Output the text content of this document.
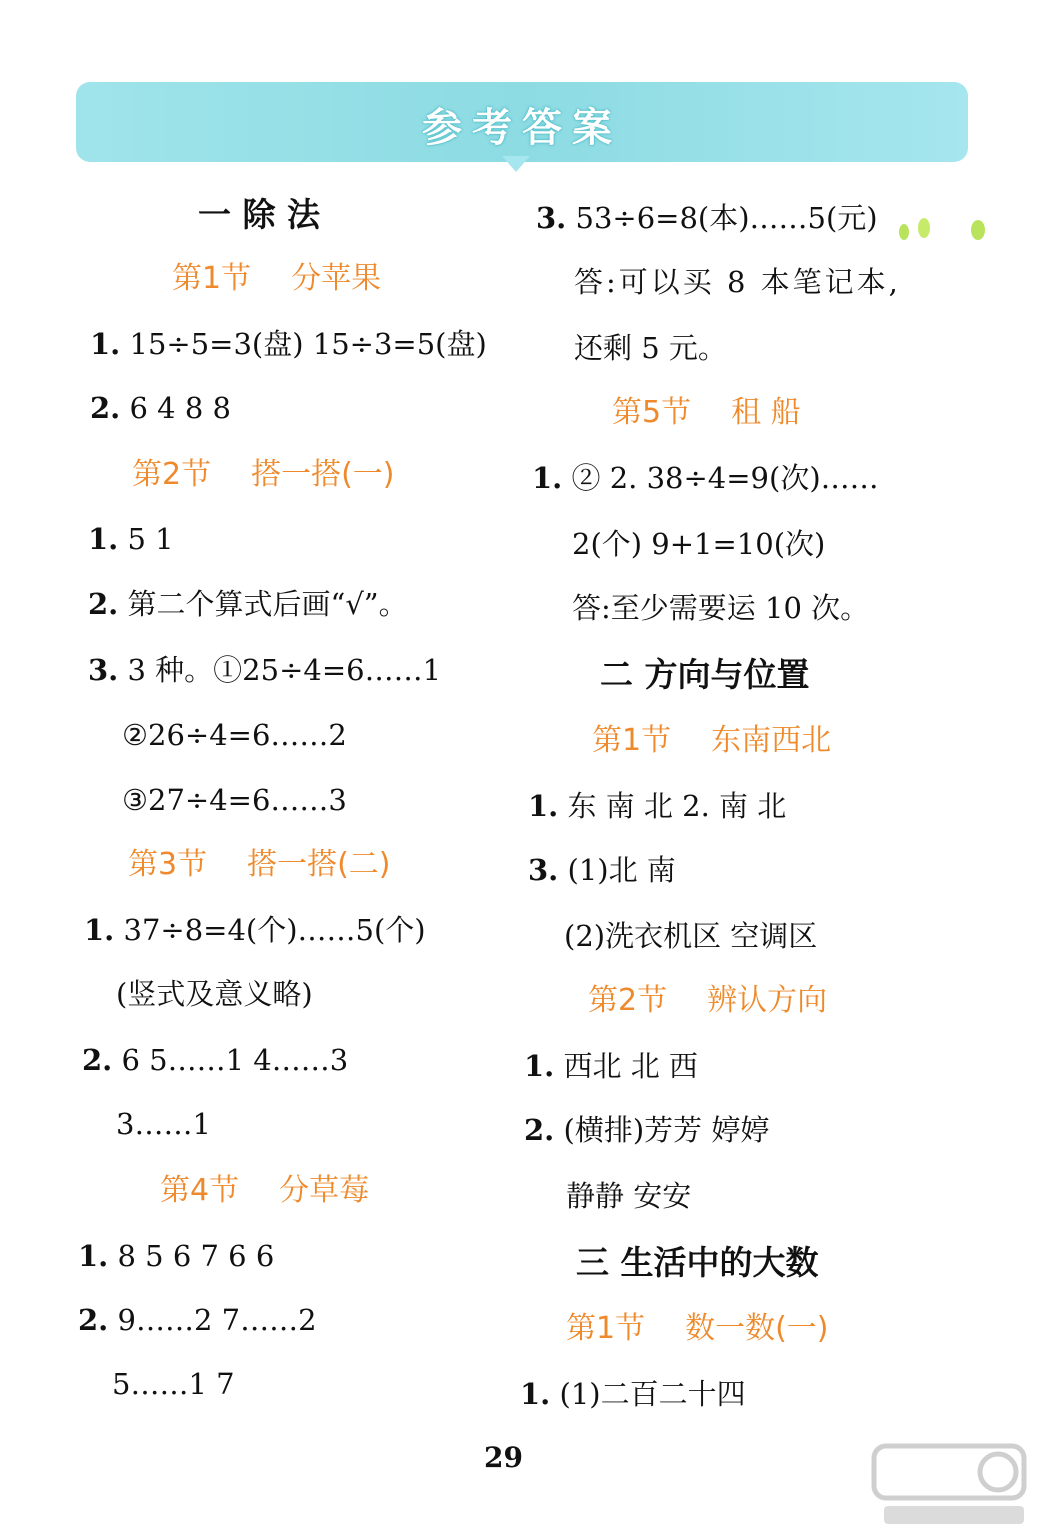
参考答案
一 除 法
第1节 分苹果
1. 15÷5=3(盘) 15÷3=5(盘)
2. 6 4 8 8
第2节 搭一搭(一)
1. 5 1
2. 第二个算式后画“√”。
3. 3 种。①25÷4=6……1
②26÷4=6……2
③27÷4=6……3
第3节 搭一搭(二)
1. 37÷8=4(个)……5(个)
(竖式及意义略)
2. 6 5……1 4……3
3……1
第4节 分草莓
1. 8 5 6 7 6 6
2. 9……2 7……2
5……1 7
3. 53÷6=8(本)……5(元)
答:可以买 8 本笔记本,
还剩 5 元。
第5节 租 船
1. ② 2. 38÷4=9(次)……
2(个) 9+1=10(次)
答:至少需要运 10 次。
二 方向与位置
第1节 东南西北
1. 东 南 北 2. 南 北
3. (1)北 南
(2)洗衣机区 空调区
第2节 辨认方向
1. 西北 北 西
2. (横排)芳芳 婷婷
静静 安安
三 生活中的大数
第1节 数一数(一)
1. (1)二百二十四
29
